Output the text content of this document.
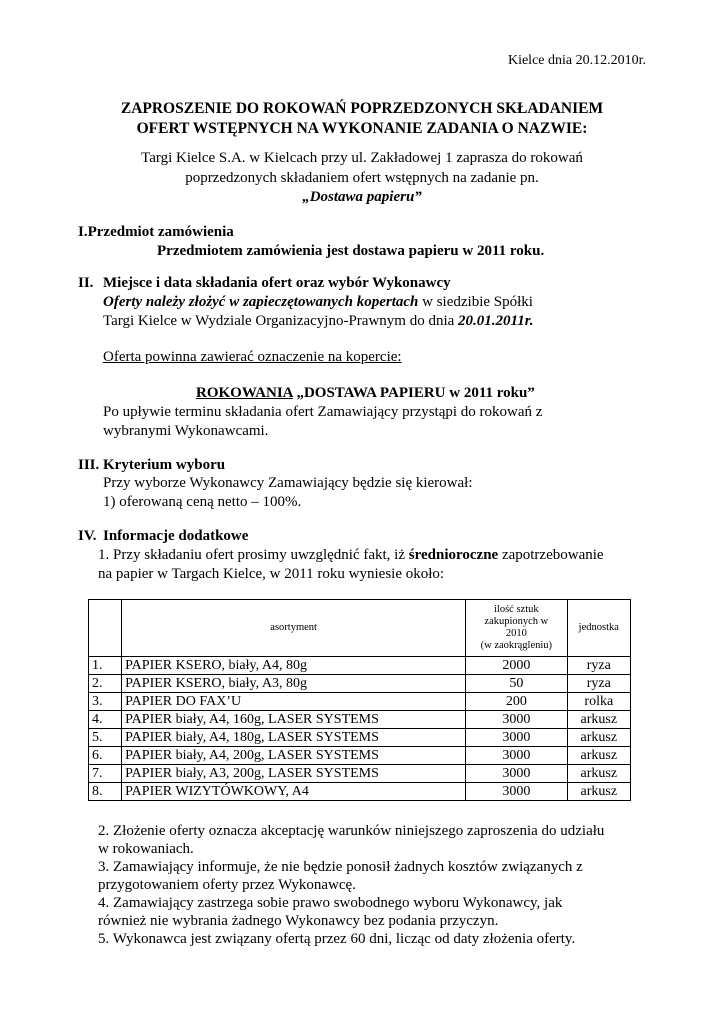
Kielce dnia 20.12.2010r.
ZAPROSZENIE DO ROKOWAŃ POPRZEDZONYCH SKŁADANIEM
OFERT WSTĘPNYCH NA WYKONANIE ZADANIA O NAZWIE:
Targi Kielce S.A. w Kielcach przy ul. Zakładowej 1 zaprasza do rokowań
poprzedzonych składaniem ofert wstępnych na zadanie pn.
„Dostawa papieru”
I.Przedmiot zamówienia
Przedmiotem zamówienia jest dostawa papieru w 2011 roku.
II. Miejsce i data składania ofert oraz wybór Wykonawcy
Oferty należy złożyć w zapieczętowanych kopertach w siedzibie Spółki
Targi Kielce w Wydziale Organizacyjno-Prawnym do dnia 20.01.2011r.
Oferta powinna zawierać oznaczenie na kopercie:
ROKOWANIA „DOSTAWA PAPIERU w 2011 roku”
Po upływie terminu składania ofert Zamawiający przystąpi do rokowań z
wybranymi Wykonawcami.
III. Kryterium wyboru
Przy wyborze Wykonawcy Zamawiający będzie się kierował:
1) oferowaną ceną netto – 100%.
IV. Informacje dodatkowe
1. Przy składaniu ofert prosimy uwzględnić fakt, iż średnioroczne zapotrzebowanie
na papier w Targach Kielce, w 2011 roku wyniesie około:
	asortyment	ilość sztuk
zakupionych w
2010
(w zaokrągleniu)	jednostka
1.	PAPIER KSERO, biały, A4, 80g	2000	ryza
2.	PAPIER KSERO, biały, A3, 80g	50	ryza
3.	PAPIER DO FAX’U	200	rolka
4.	PAPIER biały, A4, 160g, LASER SYSTEMS	3000	arkusz
5.	PAPIER biały, A4, 180g, LASER SYSTEMS	3000	arkusz
6.	PAPIER biały, A4, 200g, LASER SYSTEMS	3000	arkusz
7.	PAPIER biały, A3, 200g, LASER SYSTEMS	3000	arkusz
8.	PAPIER WIZYTÓWKOWY, A4	3000	arkusz
2. Złożenie oferty oznacza akceptację warunków niniejszego zaproszenia do udziału
w rokowaniach.
3. Zamawiający informuje, że nie będzie ponosił żadnych kosztów związanych z
przygotowaniem oferty przez Wykonawcę.
4. Zamawiający zastrzega sobie prawo swobodnego wyboru Wykonawcy, jak
również nie wybrania żadnego Wykonawcy bez podania przyczyn.
5. Wykonawca jest związany ofertą przez 60 dni, licząc od daty złożenia oferty.
